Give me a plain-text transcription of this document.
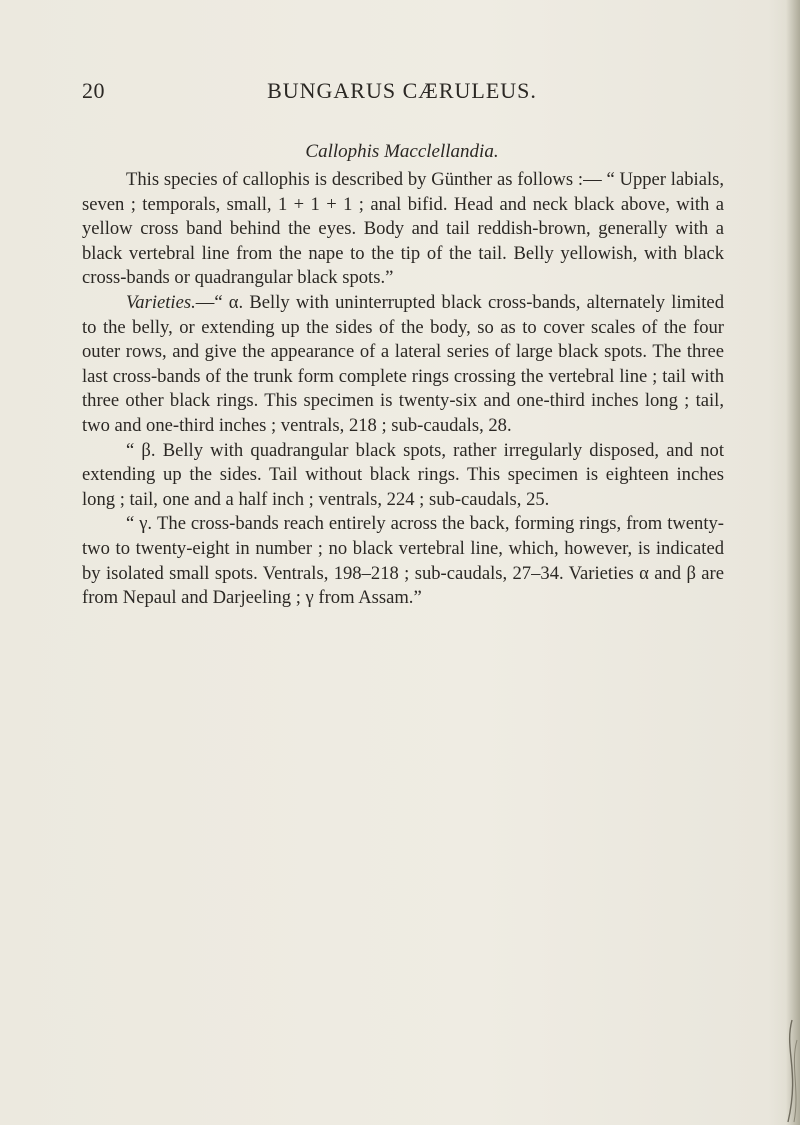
20	BUNGARUS CÆRULEUS.
Callophis Macclellandia.

This species of callophis is described by Günther as follows :— “ Upper labials, seven ; temporals, small, 1 + 1 + 1 ; anal bifid. Head and neck black above, with a yellow cross band behind the eyes. Body and tail reddish-brown, generally with a black vertebral line from the nape to the tip of the tail. Belly yellowish, with black cross-bands or quadrangular black spots.”

Varieties.—“ α. Belly with uninterrupted black cross-bands, alternately limited to the belly, or extending up the sides of the body, so as to cover scales of the four outer rows, and give the appearance of a lateral series of large black spots. The three last cross-bands of the trunk form complete rings crossing the vertebral line ; tail with three other black rings. This specimen is twenty-six and one-third inches long ; tail, two and one-third inches ; ventrals, 218 ; sub-caudals, 28.

“ β. Belly with quadrangular black spots, rather irregularly disposed, and not extending up the sides. Tail without black rings. This specimen is eighteen inches long ; tail, one and a half inch ; ventrals, 224 ; sub-caudals, 25.

“ γ. The cross-bands reach entirely across the back, forming rings, from twenty-two to twenty-eight in number ; no black vertebral line, which, however, is indicated by isolated small spots. Ventrals, 198–218 ; sub-caudals, 27–34. Varieties α and β are from Nepaul and Darjeeling ; γ from Assam.”
